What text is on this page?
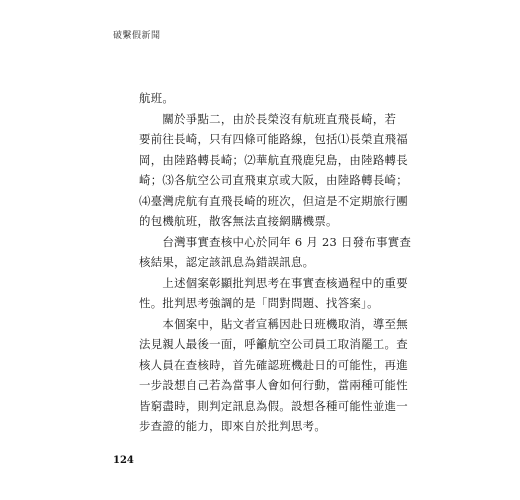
破繫假新聞
航班。
　　關於爭點二，由於長榮沒有航班直飛長崎，若
要前往長崎，只有四條可能路線，包括⑴長榮直飛福
岡，由陸路轉長崎；⑵華航直飛鹿兒島，由陸路轉長
崎；⑶各航空公司直飛東京或大阪，由陸路轉長崎；
⑷臺灣虎航有直飛長崎的班次，但這是不定期旅行團
的包機航班，散客無法直接網購機票。
　　台灣事實查核中心於同年 6 月 23 日發布事實查
核結果，認定該訊息為錯誤訊息。
　　上述個案彰顯批判思考在事實查核過程中的重要
性。批判思考強調的是「問對問題、找答案」。
　　本個案中，貼文者宣稱因赴日班機取消，導至無
法見親人最後一面，呼籲航空公司員工取消罷工。查
核人員在查核時，首先確認班機赴日的可能性，再進
一步設想自己若為當事人會如何行動，當兩種可能性
皆窮盡時，則判定訊息為假。設想各種可能性並進一
步查證的能力，即來自於批判思考。
124
